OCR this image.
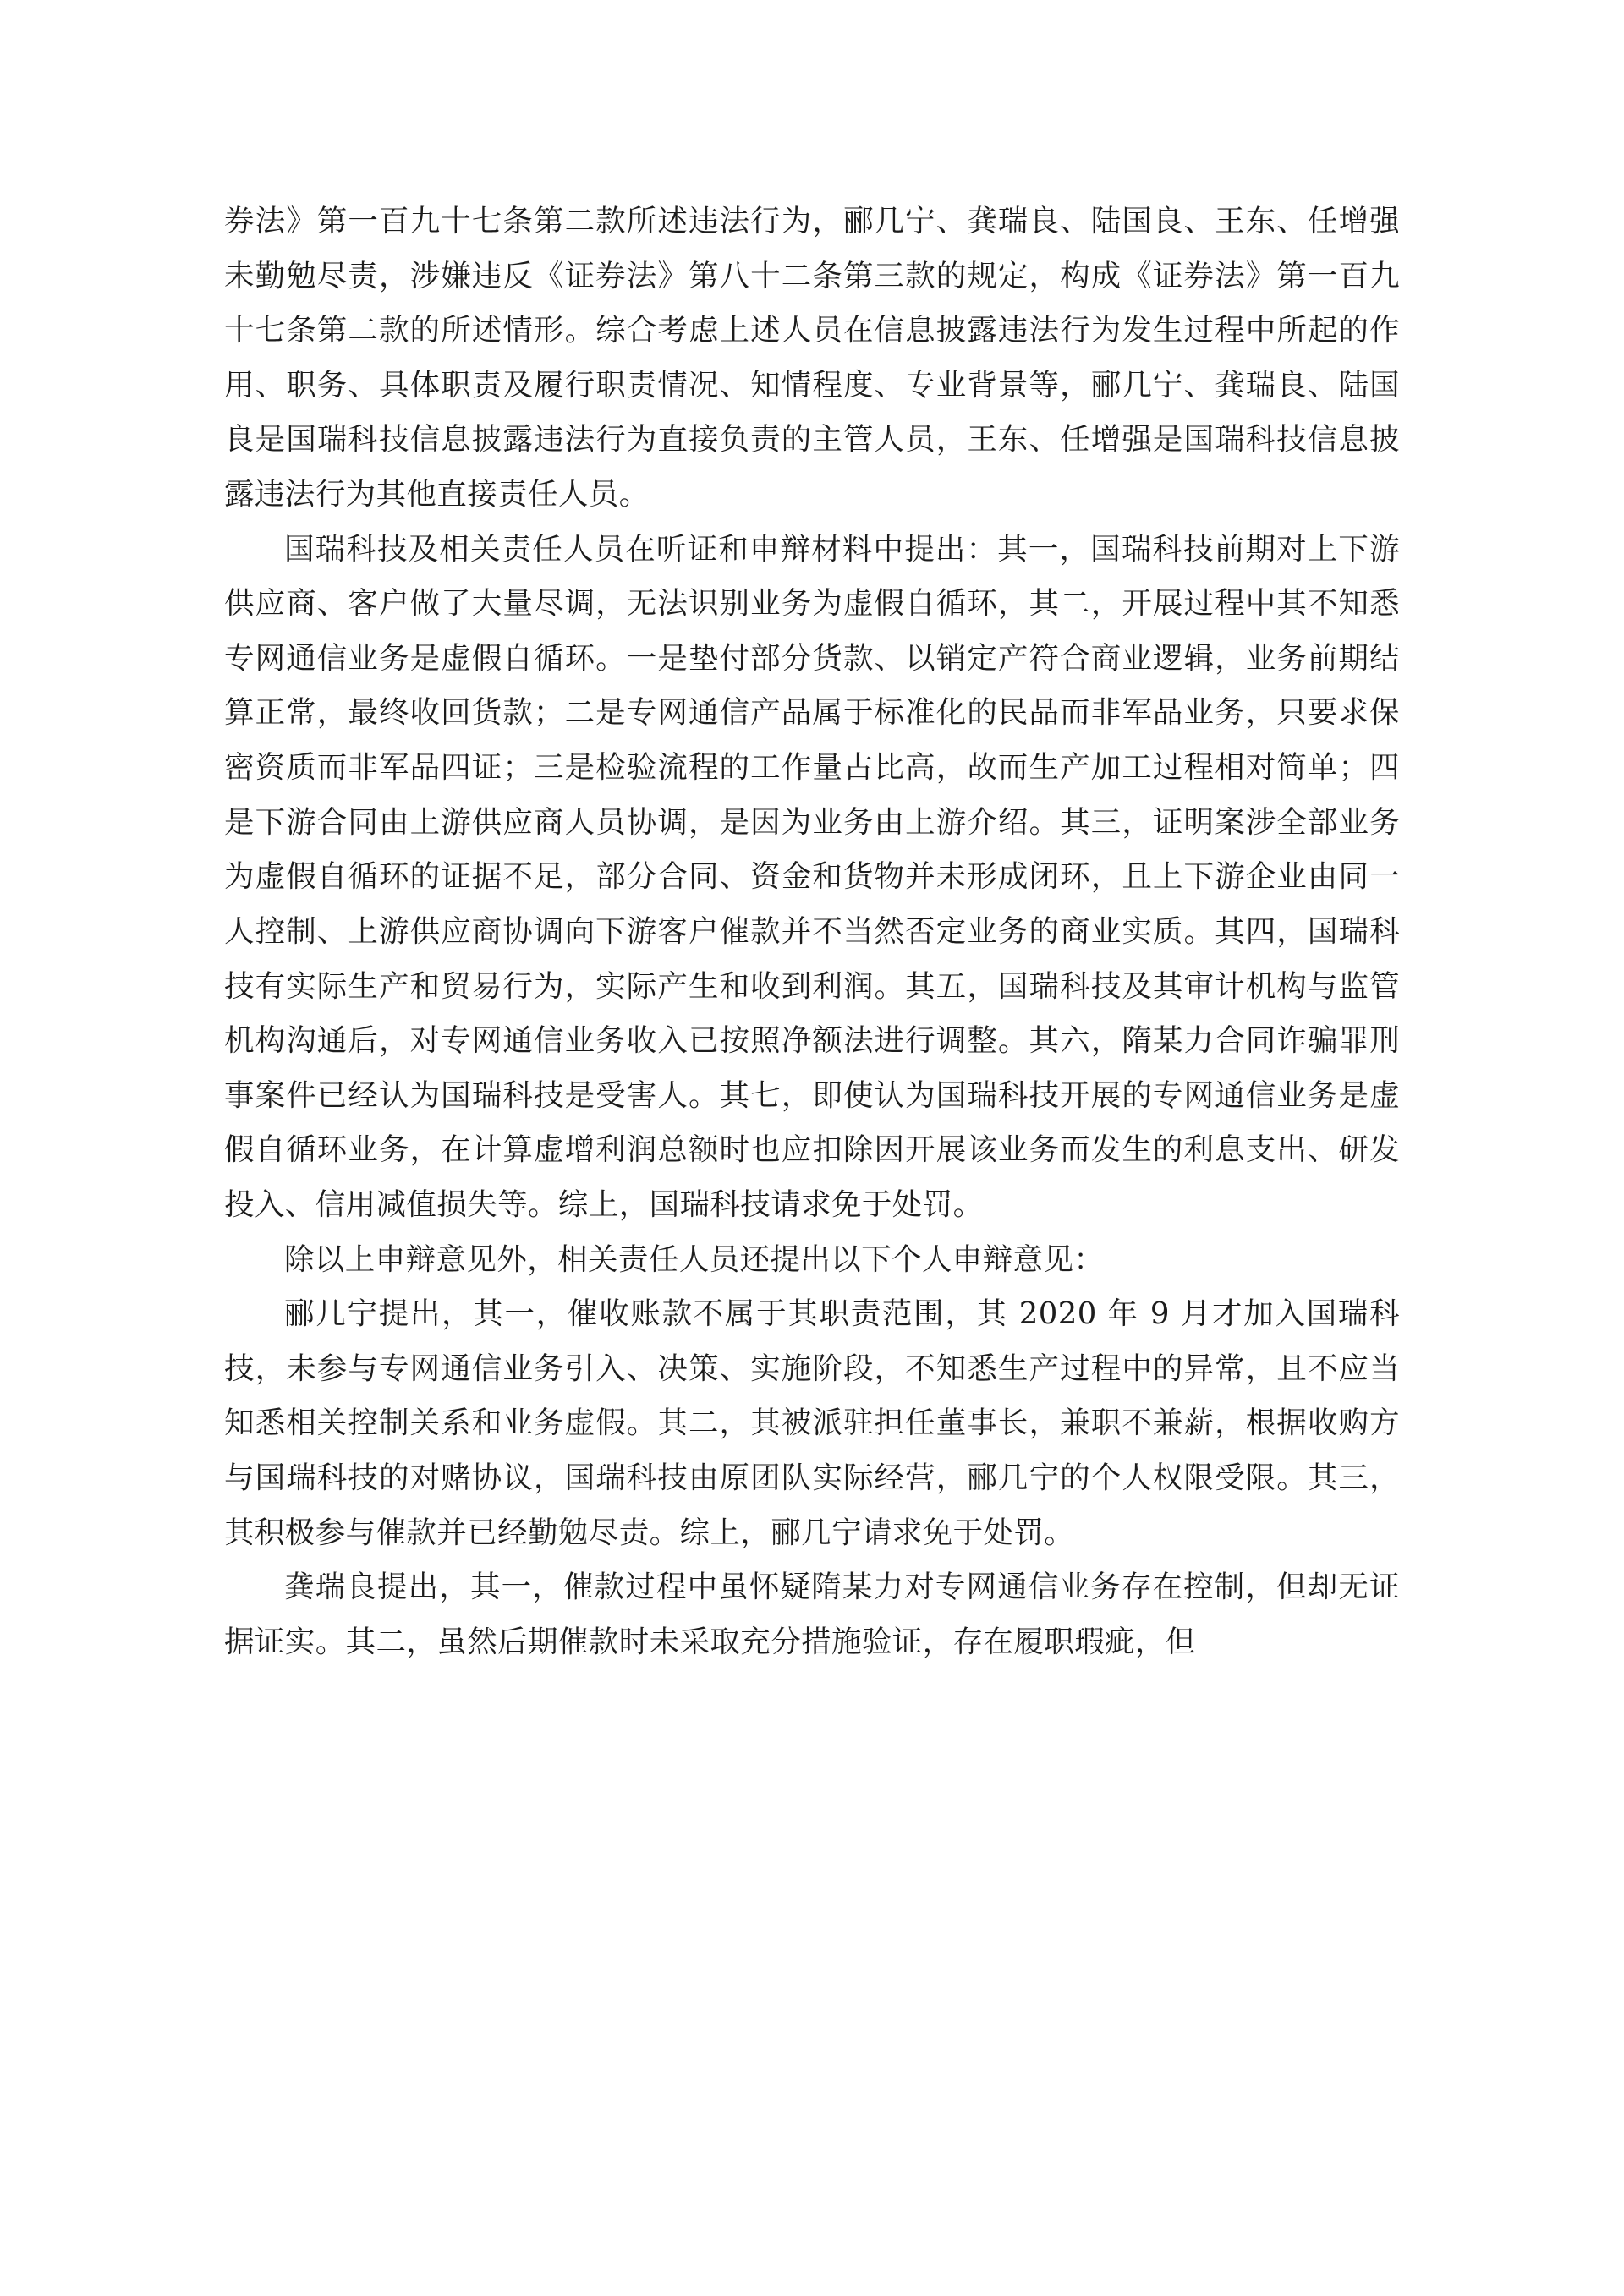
券法》第一百九十七条第二款所述违法行为，郦几宁、龚瑞良、陆国良、王东、任增强未勤勉尽责，涉嫌违反《证券法》第八十二条第三款的规定，构成《证券法》第一百九十七条第二款的所述情形。综合考虑上述人员在信息披露违法行为发生过程中所起的作用、职务、具体职责及履行职责情况、知情程度、专业背景等，郦几宁、龚瑞良、陆国良是国瑞科技信息披露违法行为直接负责的主管人员，王东、任增强是国瑞科技信息披露违法行为其他直接责任人员。

国瑞科技及相关责任人员在听证和申辩材料中提出：其一，国瑞科技前期对上下游供应商、客户做了大量尽调，无法识别业务为虚假自循环，其二，开展过程中其不知悉专网通信业务是虚假自循环。一是垫付部分货款、以销定产符合商业逻辑，业务前期结算正常，最终收回货款；二是专网通信产品属于标准化的民品而非军品业务，只要求保密资质而非军品四证；三是检验流程的工作量占比高，故而生产加工过程相对简单；四是下游合同由上游供应商人员协调，是因为业务由上游介绍。其三，证明案涉全部业务为虚假自循环的证据不足，部分合同、资金和货物并未形成闭环，且上下游企业由同一人控制、上游供应商协调向下游客户催款并不当然否定业务的商业实质。其四，国瑞科技有实际生产和贸易行为，实际产生和收到利润。其五，国瑞科技及其审计机构与监管机构沟通后，对专网通信业务收入已按照净额法进行调整。其六，隋某力合同诈骗罪刑事案件已经认为国瑞科技是受害人。其七，即使认为国瑞科技开展的专网通信业务是虚假自循环业务，在计算虚增利润总额时也应扣除因开展该业务而发生的利息支出、研发投入、信用减值损失等。综上，国瑞科技请求免于处罚。

除以上申辩意见外，相关责任人员还提出以下个人申辩意见：

郦几宁提出，其一，催收账款不属于其职责范围，其 2020 年 9 月才加入国瑞科技，未参与专网通信业务引入、决策、实施阶段，不知悉生产过程中的异常，且不应当知悉相关控制关系和业务虚假。其二，其被派驻担任董事长，兼职不兼薪，根据收购方与国瑞科技的对赌协议，国瑞科技由原团队实际经营，郦几宁的个人权限受限。其三，其积极参与催款并已经勤勉尽责。综上，郦几宁请求免于处罚。

龚瑞良提出，其一，催款过程中虽怀疑隋某力对专网通信业务存在控制，但却无证据证实。其二，虽然后期催款时未采取充分措施验证，存在履职瑕疵，但
